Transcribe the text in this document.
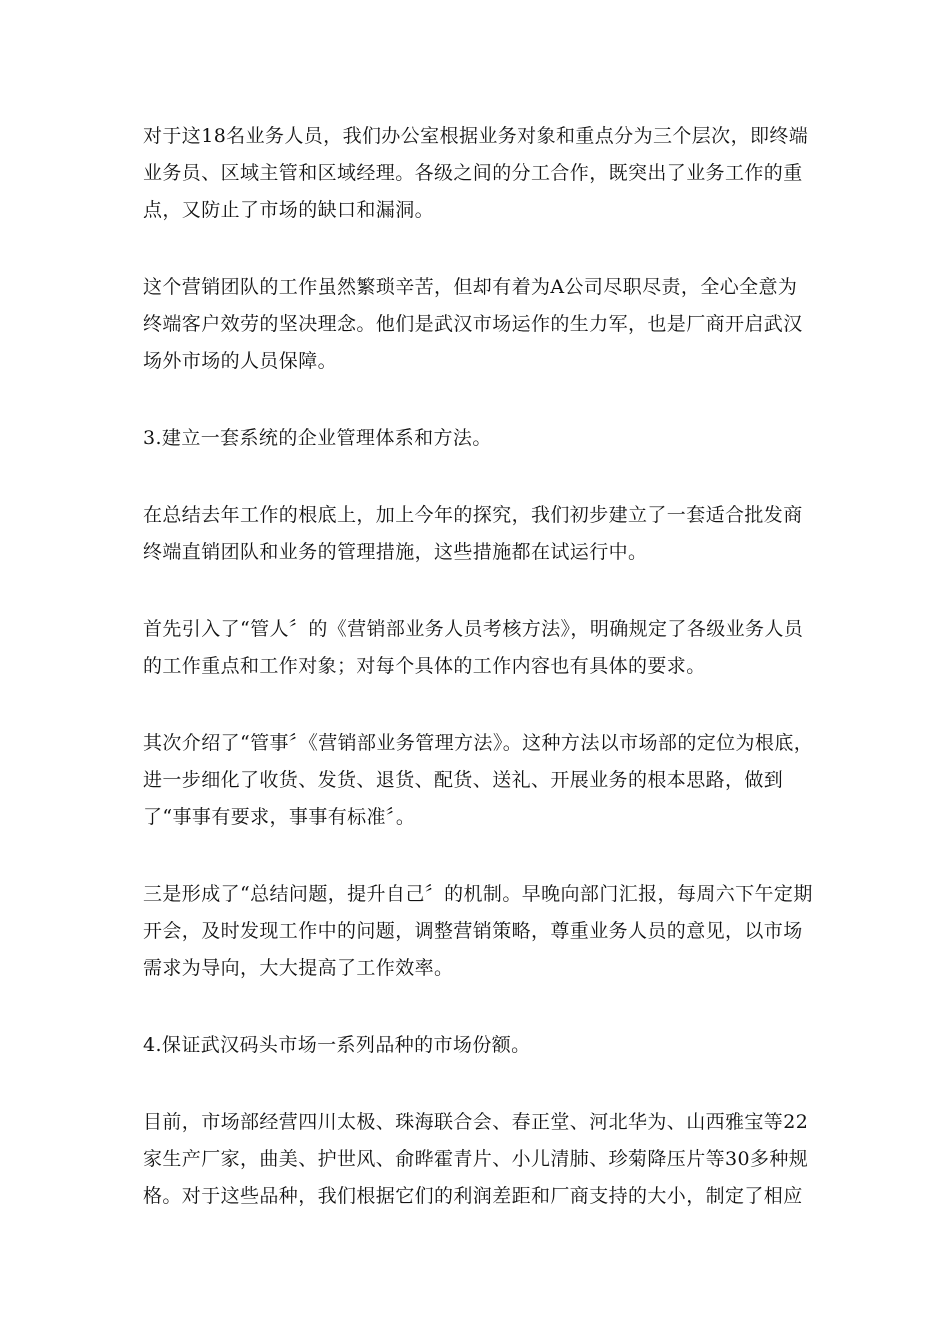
对于这18名业务人员，我们办公室根据业务对象和重点分为三个层次，即终端业务员、区域主管和区域经理。各级之间的分工合作，既突出了业务工作的重点，又防止了市场的缺口和漏洞。

这个营销团队的工作虽然繁琐辛苦，但却有着为A公司尽职尽责，全心全意为终端客户效劳的坚决理念。他们是武汉市场运作的生力军，也是厂商开启武汉场外市场的人员保障。

3.建立一套系统的企业管理体系和方法。

在总结去年工作的根底上，加上今年的探究，我们初步建立了一套适合批发商终端直销团队和业务的管理措施，这些措施都在试运行中。

首先引入了“管人〞的《营销部业务人员考核方法》，明确规定了各级业务人员的工作重点和工作对象；对每个具体的工作内容也有具体的要求。

其次介绍了“管事〞《营销部业务管理方法》。这种方法以市场部的定位为根底，进一步细化了收货、发货、退货、配货、送礼、开展业务的根本思路，做到了“事事有要求，事事有标准〞。

三是形成了“总结问题，提升自己〞的机制。早晚向部门汇报，每周六下午定期开会，及时发现工作中的问题，调整营销策略，尊重业务人员的意见，以市场需求为导向，大大提高了工作效率。

4.保证武汉码头市场一系列品种的市场份额。

目前，市场部经营四川太极、珠海联合会、春正堂、河北华为、山西雅宝等22家生产厂家，曲美、护世风、俞晔霍青片、小儿清肺、珍菊降压片等30多种规格。对于这些品种，我们根据它们的利润差距和厂商支持的大小，制定了相应
